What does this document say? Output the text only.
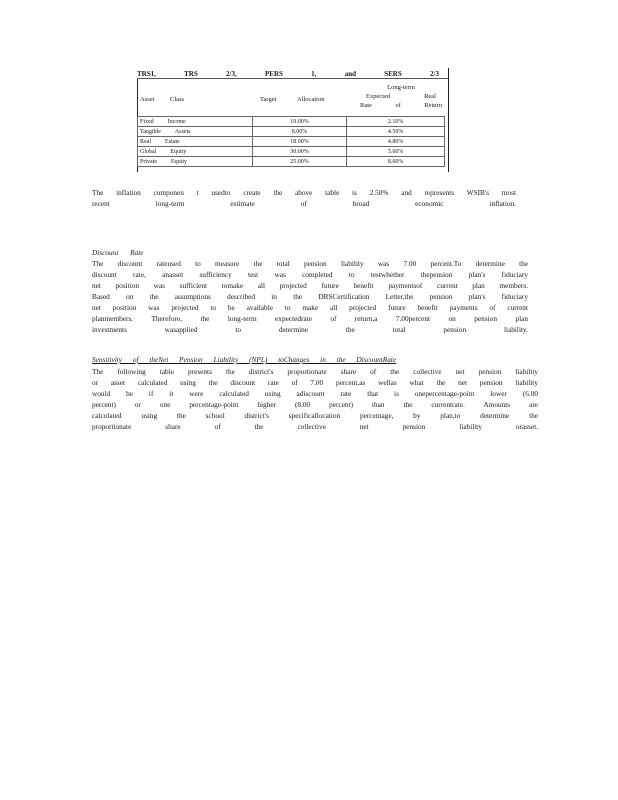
TRS1,	TRS	2/3,	PERS	1,	and	SERS	2/3
Asset Class	Target	Allocation
Long-term
Expected	Real
Rate	of	Return
Fixed Income	19.00%	2.10%
Tangible Assets	8.00%	4.50%
Real Estate	18.00%	4.80%
Global Equity	30.00%	5.60%
Private Equity	25.00%	8.60%
The inflation componen t usedto create the above table is 2.50% and represents WSIB's most
recent long-term estimate of broad economic inflation.
Discount Rate
The discount rateused to measure the total pension liability was 7.00 percent.To determine the
discount rate, anasset sufficiency test was completed to testwhether thepension plan's fiduciary
net position was sufficient tomake all projected future benefit paymentsof current plan members.
Based on the assumptions described in the DRSCertification Letter,the pension plan's fiduciary
net position was projected to be available to make all projected future benefit payments of current
planmembers. Therefore, the long-term expectedrate of return,a 7.00percent on pension plan
investments wasapplied to determine the total pension liability.
Sensitivity of theNet Pension Liability (NPL) toChanges in the DiscountRate
The following table presents the district's proportionate share of the collective net pension liability
or asset calculated using the discount rate of 7.00 percent,as wellas what the net pension liability
would be if it were calculated using adiscount rate that is onepercentage-point lower (6.00
percent) or one percentage-point higher (8.00 percent) than the currentrate. Amounts are
calculated using the school district's specificallocation percentage, by plan,to determine the
proportionate share of the collective net pension liability orasset.
